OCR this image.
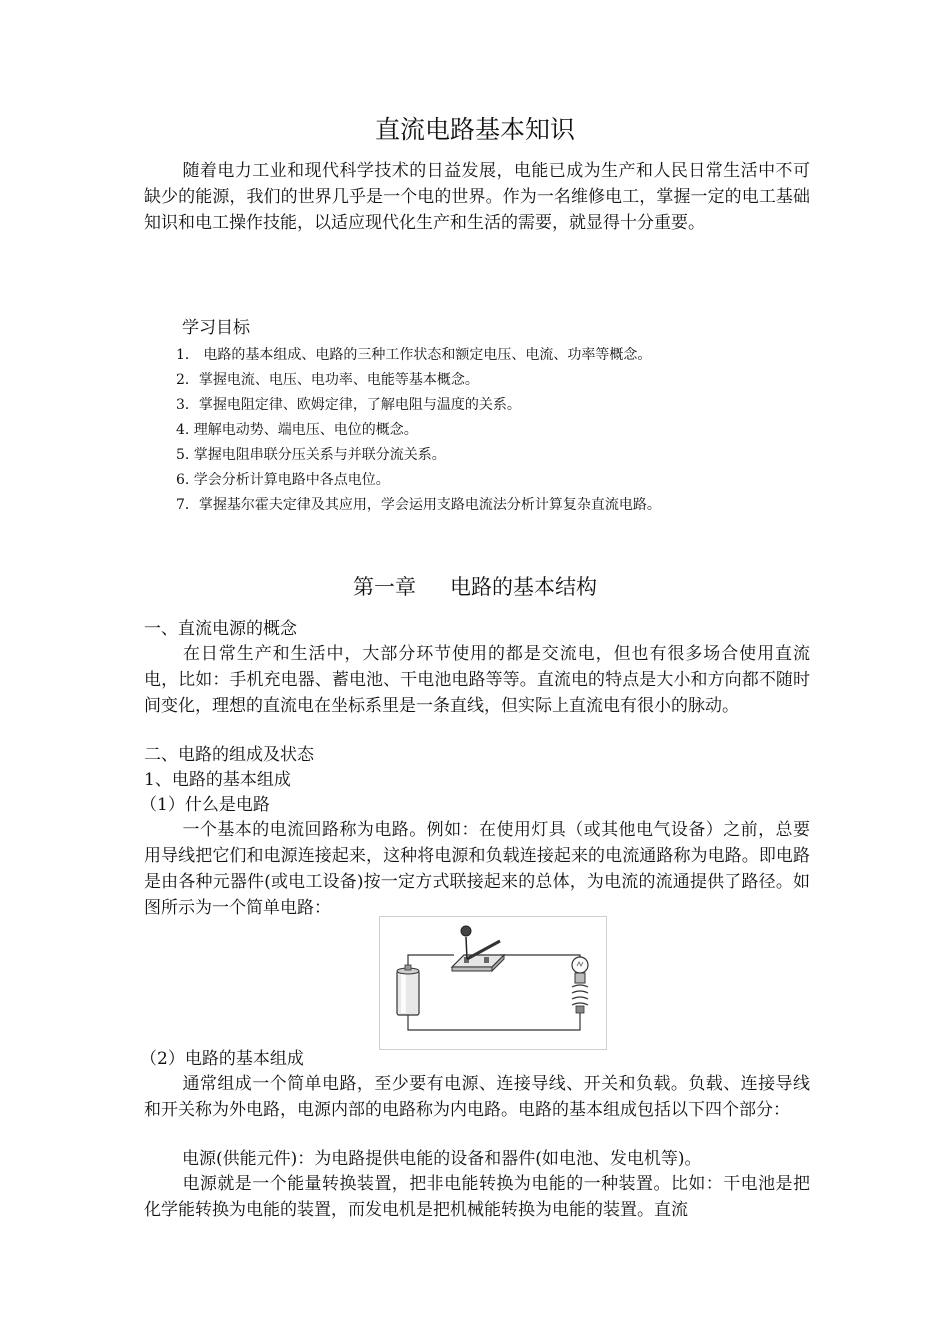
直流电路基本知识

随着电力工业和现代科学技术的日益发展，电能已成为生产和人民日常生活中不可缺少的能源，我们的世界几乎是一个电的世界。作为一名维修电工，掌握一定的电工基础知识和电工操作技能，以适应现代化生产和生活的需要，就显得十分重要。

学习目标
1． 电路的基本组成、电路的三种工作状态和额定电压、电流、功率等概念。
2．掌握电流、电压、电功率、电能等基本概念。
3．掌握电阻定律、欧姆定律，了解电阻与温度的关系。
4. 理解电动势、端电压、电位的概念。
5. 掌握电阻串联分压关系与并联分流关系。
6. 学会分析计算电路中各点电位。
7．掌握基尔霍夫定律及其应用，学会运用支路电流法分析计算复杂直流电路。
第一章 电路的基本结构
一、直流电源的概念

在日常生产和生活中，大部分环节使用的都是交流电，但也有很多场合使用直流电，比如：手机充电器、蓄电池、干电池电路等等。直流电的特点是大小和方向都不随时间变化，理想的直流电在坐标系里是一条直线，但实际上直流电有很小的脉动。

二、电路的组成及状态
1、电路的基本组成
（1）什么是电路

一个基本的电流回路称为电路。例如：在使用灯具（或其他电气设备）之前，总要用导线把它们和电源连接起来，这种将电源和负载连接起来的电流通路称为电路。即电路是由各种元器件(或电工设备)按一定方式联接起来的总体，为电流的流通提供了路径。如图所示为一个简单电路：

（2）电路的基本组成

通常组成一个简单电路，至少要有电源、连接导线、开关和负载。负载、连接导线和开关称为外电路，电源内部的电路称为内电路。电路的基本组成包括以下四个部分：

电源(供能元件)：为电路提供电能的设备和器件(如电池、发电机等)。

电源就是一个能量转换装置，把非电能转换为电能的一种装置。比如：干电池是把化学能转换为电能的装置，而发电机是把机械能转换为电能的装置。直流
